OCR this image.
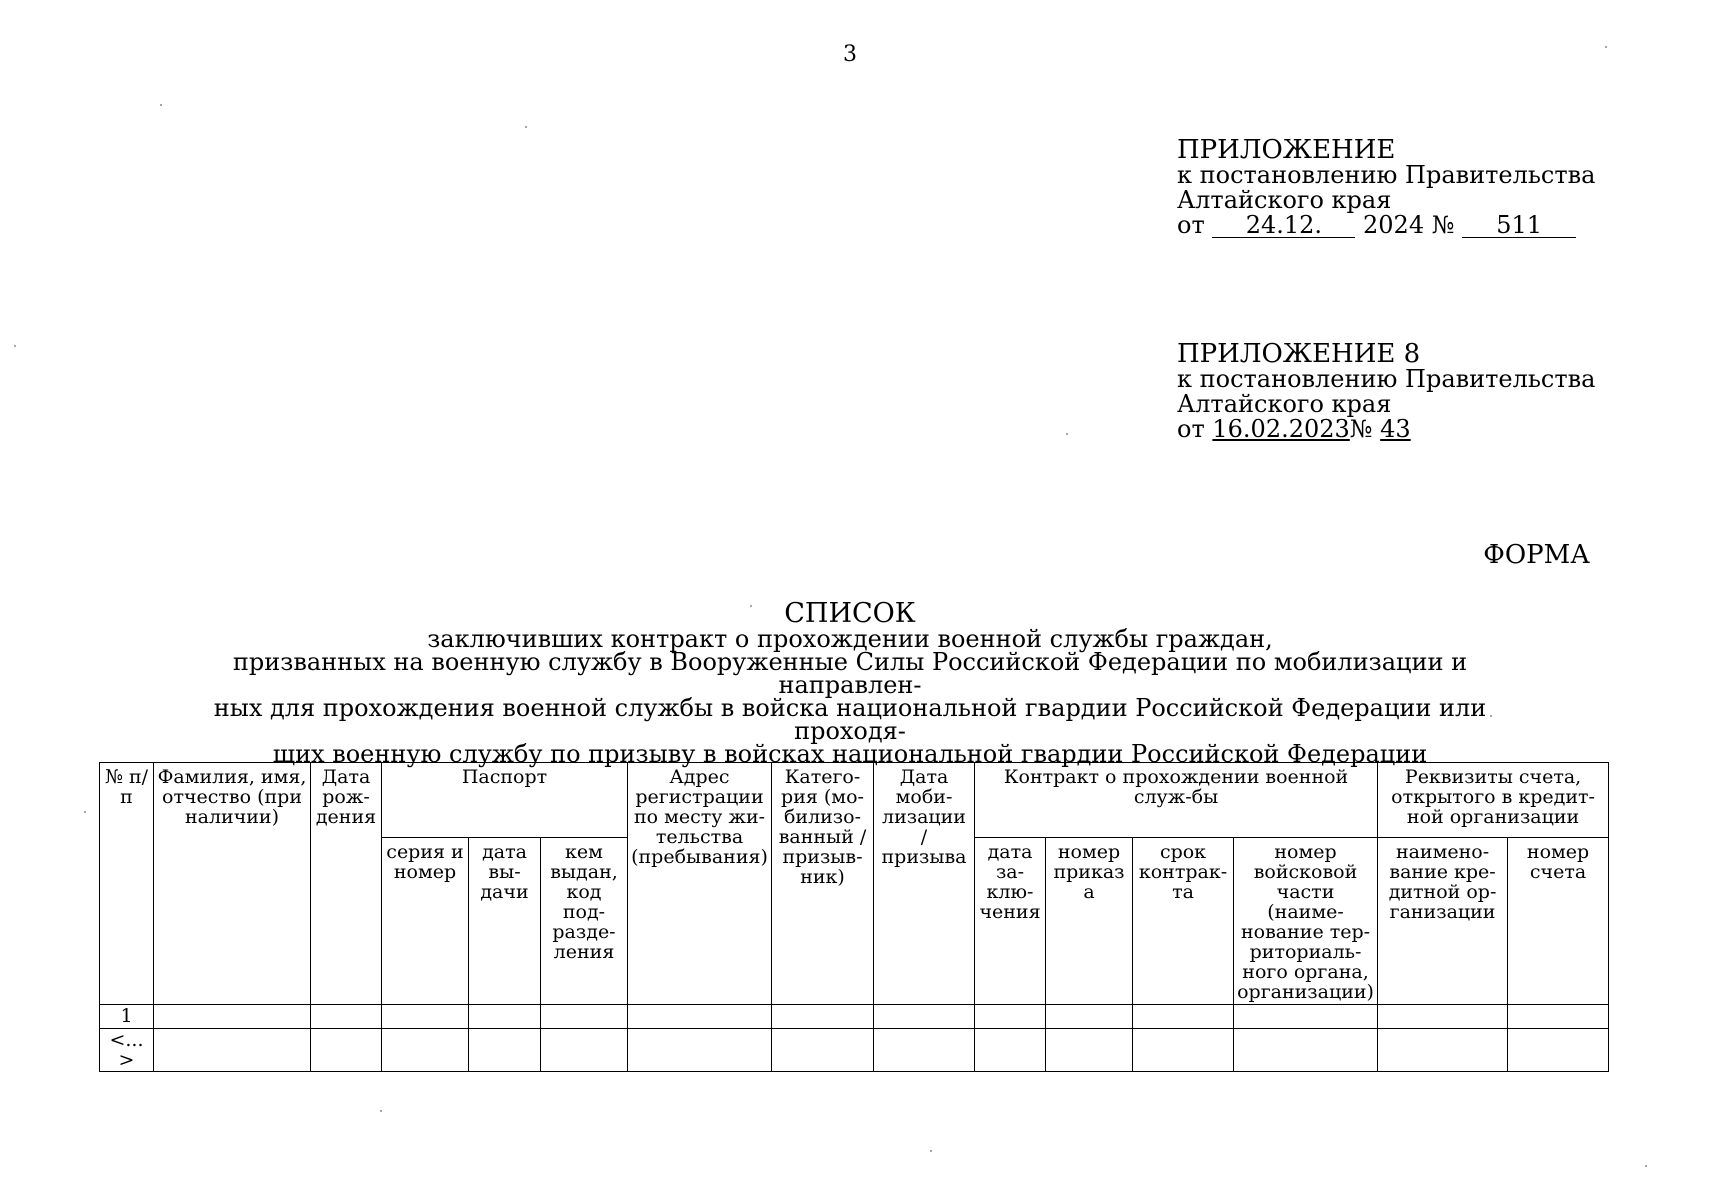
3
ПРИЛОЖЕНИЕ
к постановлению Правительства
Алтайского края
от 24.12. 2024 № 511
ПРИЛОЖЕНИЕ 8
к постановлению Правительства
Алтайского края
от 16.02.2023№ 43
ФОРМА
СПИСОК
заключивших контракт о прохождении военной службы граждан,
призванных на военную службу в Вооруженные Силы Российской Федерации по мобилизации и направлен-
ных для прохождения военной службы в войска национальной гвардии Российской Федерации или проходя-
щих военную службу по призыву в войсках национальной гвардии Российской Федерации
№ п/п	Фамилия, имя, отчество (при наличии)	Дата рож-дения	Паспорт			Адрес регистрации по месту жи-тельства (пребывания)	Катего-рия (мо-билизо-ванный / призыв-ник)	Дата моби-лизации / призыва	Контракт о прохождении военной служ-бы				Реквизиты счета, открытого в кредит-ной организации	
			серия и номер	дата вы-дачи	кем выдан, код под-разде-ления				дата за-клю-чения	номер приказа	срок контрак-та	номер войсковой части (наиме-нование тер-риториаль-ного органа, организации)	наимено-вание кре-дитной ор-ганизации	номер счета
1														
<...>														
